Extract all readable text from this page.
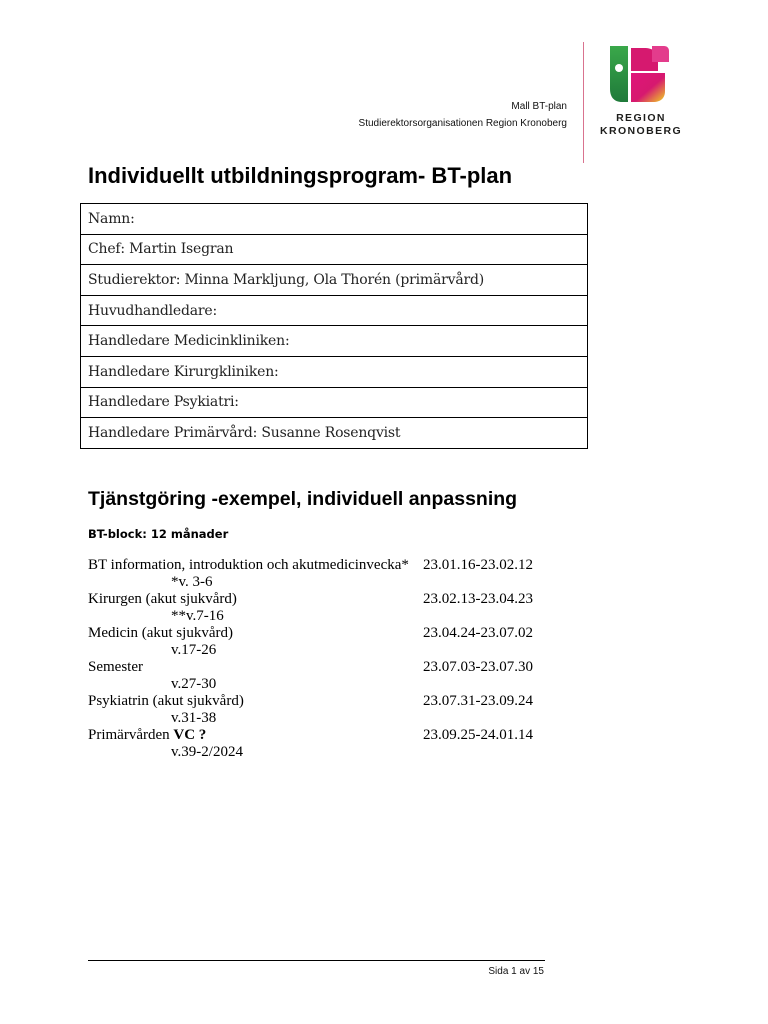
Mall BT-plan
Studierektorsorganisationen Region Kronoberg	REGION
KRONOBERG
Individuellt utbildningsprogram- BT-plan
Namn:
Chef: Martin Isegran
Studierektor: Minna Markljung, Ola Thorén (primärvård)
Huvudhandledare:
Handledare Medicinkliniken:
Handledare Kirurgkliniken:
Handledare Psykiatri:
Handledare Primärvård: Susanne Rosenqvist
Tjänstgöring -exempel, individuell anpassning
BT-block: 12 månader
BT information, introduktion och akutmedicinvecka* 23.01.16-23.02.12
*v. 3-6
Kirurgen (akut sjukvård)	23.02.13-23.04.23
**v.7-16
Medicin (akut sjukvård)	23.04.24-23.07.02
v.17-26
Semester	23.07.03-23.07.30
v.27-30
Psykiatrin (akut sjukvård)	23.07.31-23.09.24
v.31-38
Primärvården VC ?	23.09.25-24.01.14
v.39-2/2024
Sida 1 av 15
